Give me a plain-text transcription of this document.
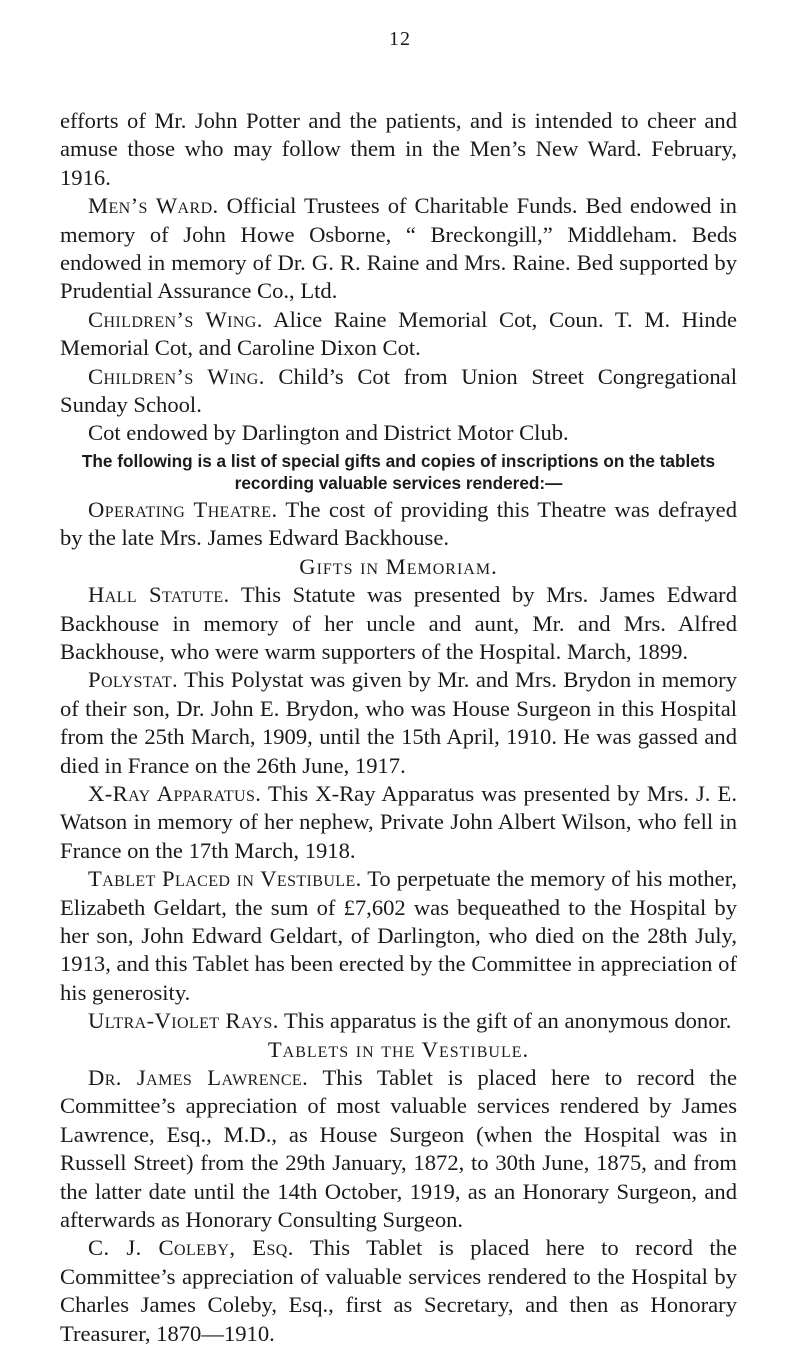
12

efforts of Mr. John Potter and the patients, and is intended to cheer and amuse those who may follow them in the Men’s New Ward. February, 1916.

Men’s Ward. Official Trustees of Charitable Funds. Bed endowed in memory of John Howe Osborne, “ Breckongill,” Middleham. Beds endowed in memory of Dr. G. R. Raine and Mrs. Raine. Bed supported by Prudential Assurance Co., Ltd.

Children’s Wing. Alice Raine Memorial Cot, Coun. T. M. Hinde Memorial Cot, and Caroline Dixon Cot.

Children’s Wing. Child’s Cot from Union Street Congregational Sunday School.

Cot endowed by Darlington and District Motor Club.

The following is a list of special gifts and copies of inscriptions on the tablets recording valuable services rendered:—

Operating Theatre. The cost of providing this Theatre was defrayed by the late Mrs. James Edward Backhouse.

Gifts in Memoriam.

Hall Statute. This Statute was presented by Mrs. James Edward Backhouse in memory of her uncle and aunt, Mr. and Mrs. Alfred Backhouse, who were warm supporters of the Hospital. March, 1899.

Polystat. This Polystat was given by Mr. and Mrs. Brydon in memory of their son, Dr. John E. Brydon, who was House Surgeon in this Hospital from the 25th March, 1909, until the 15th April, 1910. He was gassed and died in France on the 26th June, 1917.

X-Ray Apparatus. This X-Ray Apparatus was presented by Mrs. J. E. Watson in memory of her nephew, Private John Albert Wilson, who fell in France on the 17th March, 1918.

Tablet Placed in Vestibule. To perpetuate the memory of his mother, Elizabeth Geldart, the sum of £7,602 was bequeathed to the Hospital by her son, John Edward Geldart, of Darlington, who died on the 28th July, 1913, and this Tablet has been erected by the Committee in appreciation of his generosity.

Ultra-Violet Rays. This apparatus is the gift of an anonymous donor.

Tablets in the Vestibule.

Dr. James Lawrence. This Tablet is placed here to record the Committee’s appreciation of most valuable services rendered by James Lawrence, Esq., M.D., as House Surgeon (when the Hospital was in Russell Street) from the 29th January, 1872, to 30th June, 1875, and from the latter date until the 14th October, 1919, as an Honorary Surgeon, and afterwards as Honorary Consulting Surgeon.

C. J. Coleby, Esq. This Tablet is placed here to record the Committee’s appreciation of valuable services rendered to the Hospital by Charles James Coleby, Esq., first as Secretary, and then as Honorary Treasurer, 1870—1910.
